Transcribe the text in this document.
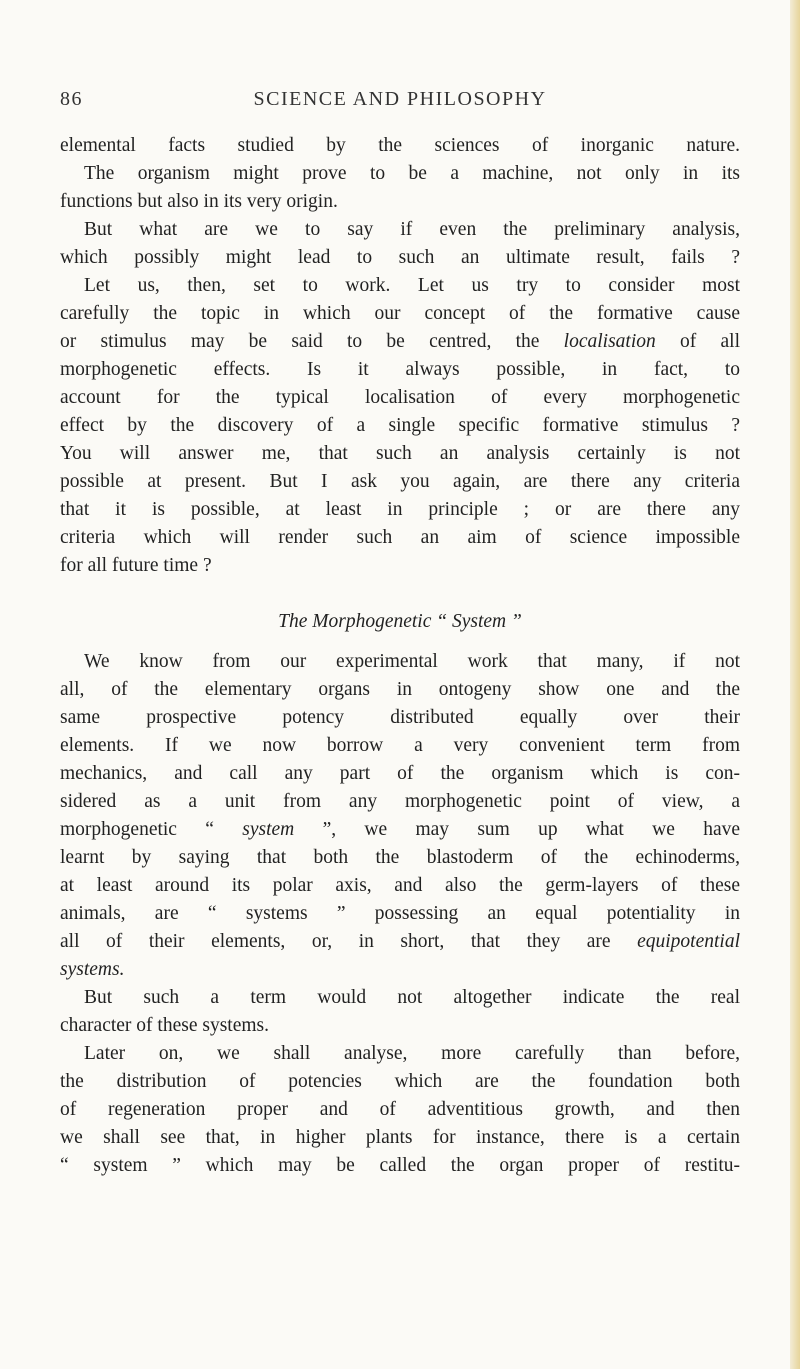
86	SCIENCE AND PHILOSOPHY
elemental facts studied by the sciences of inorganic nature.
The organism might prove to be a machine, not only in its
functions but also in its very origin.
But what are we to say if even the preliminary analysis,
which possibly might lead to such an ultimate result, fails ?
Let us, then, set to work. Let us try to consider most
carefully the topic in which our concept of the formative cause
or stimulus may be said to be centred, the localisation of all
morphogenetic effects. Is it always possible, in fact, to
account for the typical localisation of every morphogenetic
effect by the discovery of a single specific formative stimulus ?
You will answer me, that such an analysis certainly is not
possible at present. But I ask you again, are there any criteria
that it is possible, at least in principle ; or are there any
criteria which will render such an aim of science impossible
for all future time ?
The Morphogenetic “ System ”
We know from our experimental work that many, if not
all, of the elementary organs in ontogeny show one and the
same prospective potency distributed equally over their
elements. If we now borrow a very convenient term from
mechanics, and call any part of the organism which is con-
sidered as a unit from any morphogenetic point of view, a
morphogenetic “ system ”, we may sum up what we have
learnt by saying that both the blastoderm of the echinoderms,
at least around its polar axis, and also the germ-layers of these
animals, are “ systems ” possessing an equal potentiality in
all of their elements, or, in short, that they are equipotential
systems.
But such a term would not altogether indicate the real
character of these systems.
Later on, we shall analyse, more carefully than before,
the distribution of potencies which are the foundation both
of regeneration proper and of adventitious growth, and then
we shall see that, in higher plants for instance, there is a certain
“ system ” which may be called the organ proper of restitu-
